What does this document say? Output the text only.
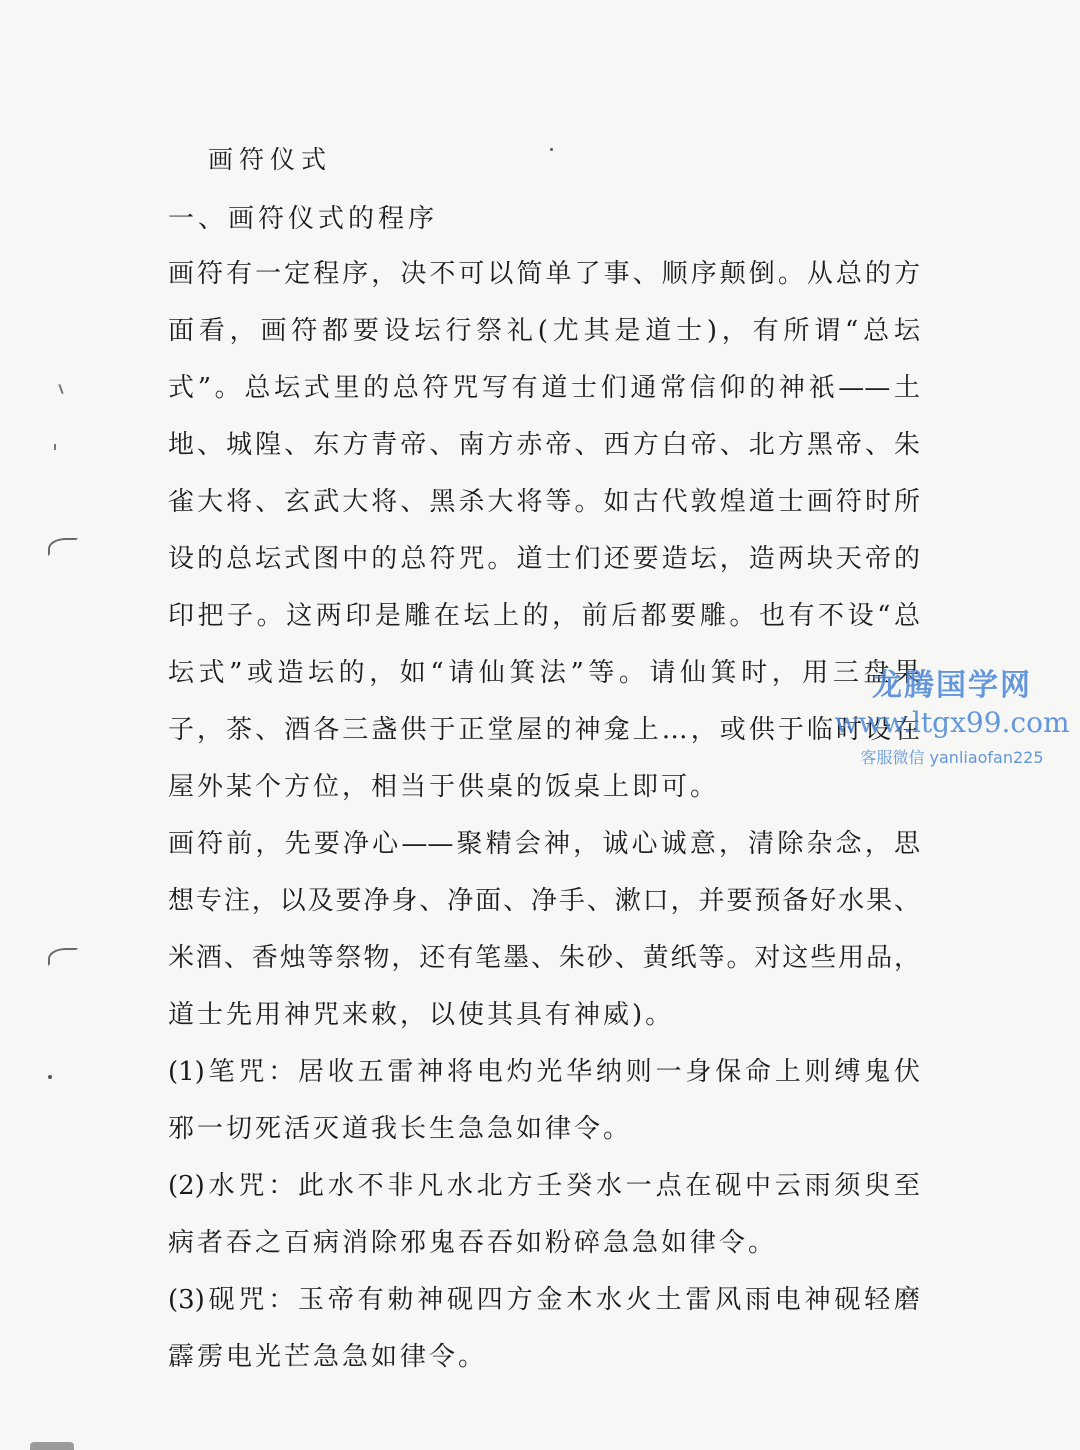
画符仪式
一、画符仪式的程序
画符有一定程序，决不可以简单了事、顺序颠倒。从总的方
面看，画符都要设坛行祭礼(尤其是道士)，有所谓“总坛
式”。总坛式里的总符咒写有道士们通常信仰的神祇——土
地、城隍、东方青帝、南方赤帝、西方白帝、北方黑帝、朱
雀大将、玄武大将、黑杀大将等。如古代敦煌道士画符时所
设的总坛式图中的总符咒。道士们还要造坛，造两块天帝的
印把子。这两印是雕在坛上的，前后都要雕。也有不设“总
坛式”或造坛的，如“请仙箕法”等。请仙箕时，用三盘果
子，茶、酒各三盏供于正堂屋的神龛上…，或供于临时设在
屋外某个方位，相当于供桌的饭桌上即可。
画符前，先要净心——聚精会神，诚心诚意，清除杂念，思
想专注，以及要净身、净面、净手、漱口，并要预备好水果、
米酒、香烛等祭物，还有笔墨、朱砂、黄纸等。对这些用品，
道士先用神咒来敕，以使其具有神威)。
(1)笔咒：居收五雷神将电灼光华纳则一身保命上则缚鬼伏
邪一切死活灭道我长生急急如律令。
(2)水咒：此水不非凡水北方壬癸水一点在砚中云雨须臾至
病者吞之百病消除邪鬼吞吞如粉碎急急如律令。
(3)砚咒：玉帝有勅神砚四方金木水火土雷风雨电神砚轻磨
霹雳电光芒急急如律令。
龙腾国学网
www.ltgx99.com
客服微信 yanliaofan225
